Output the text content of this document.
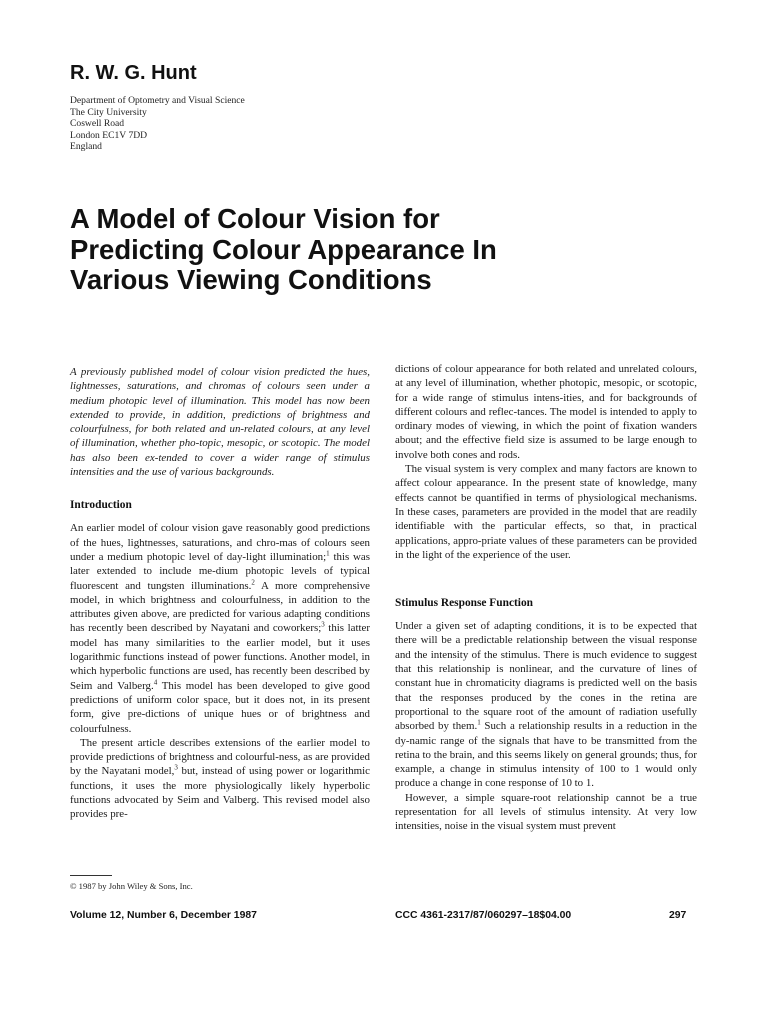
R. W. G. Hunt
Department of Optometry and Visual Science
The City University
Coswell Road
London EC1V 7DD
England
A Model of Colour Vision for
Predicting Colour Appearance In
Various Viewing Conditions

A previously published model of colour vision predicted the hues, lightnesses, saturations, and chromas of colours seen under a medium photopic level of illumination. This model has now been extended to provide, in addition, predictions of brightness and colourfulness, for both related and un-related colours, at any level of illumination, whether pho-topic, mesopic, or scotopic. The model has also been ex-tended to cover a wider range of stimulus intensities and the use of various backgrounds.

Introduction

An earlier model of colour vision gave reasonably good predictions of the hues, lightnesses, saturations, and chro-mas of colours seen under a medium photopic level of day-light illumination;$^1$ this was later extended to include me-dium photopic levels of typical fluorescent and tungsten illuminations.$^2$ A more comprehensive model, in which brightness and colourfulness, in addition to the attributes given above, are predicted for various adapting conditions has recently been described by Nayatani and coworkers;$^3$ this latter model has many similarities to the earlier model, but it uses logarithmic functions instead of power functions. Another model, in which hyperbolic functions are used, has recently been described by Seim and Valberg.$^4$ This model has been developed to give good predictions of uniform color space, but it does not, in its present form, give pre-dictions of unique hues or of brightness and colourfulness.

The present article describes extensions of the earlier model to provide predictions of brightness and colourful-ness, as are provided by the Nayatani model,$^3$ but, instead of using power or logarithmic functions, it uses the more physiologically likely hyperbolic functions advocated by Seim and Valberg. This revised model also provides pre-

dictions of colour appearance for both related and unrelated colours, at any level of illumination, whether photopic, mesopic, or scotopic, for a wide range of stimulus intens-ities, and for backgrounds of different colours and reflec-tances. The model is intended to apply to ordinary modes of viewing, in which the point of fixation wanders about; and the effective field size is assumed to be large enough to involve both cones and rods.

The visual system is very complex and many factors are known to affect colour appearance. In the present state of knowledge, many effects cannot be quantified in terms of physiological mechanisms. In these cases, parameters are provided in the model that are readily identifiable with the particular effects, so that, in practical applications, appro-priate values of these parameters can be provided in the light of the experience of the user.

Stimulus Response Function

Under a given set of adapting conditions, it is to be expected that there will be a predictable relationship between the visual response and the intensity of the stimulus. There is much evidence to suggest that this relationship is nonlinear, and the curvature of lines of constant hue in chromaticity diagrams is predicted well on the basis that the responses produced by the cones in the retina are proportional to the square root of the amount of radiation usefully absorbed by them.$^1$ Such a relationship results in a reduction in the dy-namic range of the signals that have to be transmitted from the retina to the brain, and this seems likely on general grounds; thus, for example, a change in stimulus intensity of 100 to 1 would only produce a change in cone response of 10 to 1.

However, a simple square-root relationship cannot be a true representation for all levels of stimulus intensity. At very low intensities, noise in the visual system must prevent

© 1987 by John Wiley & Sons, Inc.
Volume 12, Number 6, December 1987	CCC 4361-2317/87/060297–18$04.00	297
